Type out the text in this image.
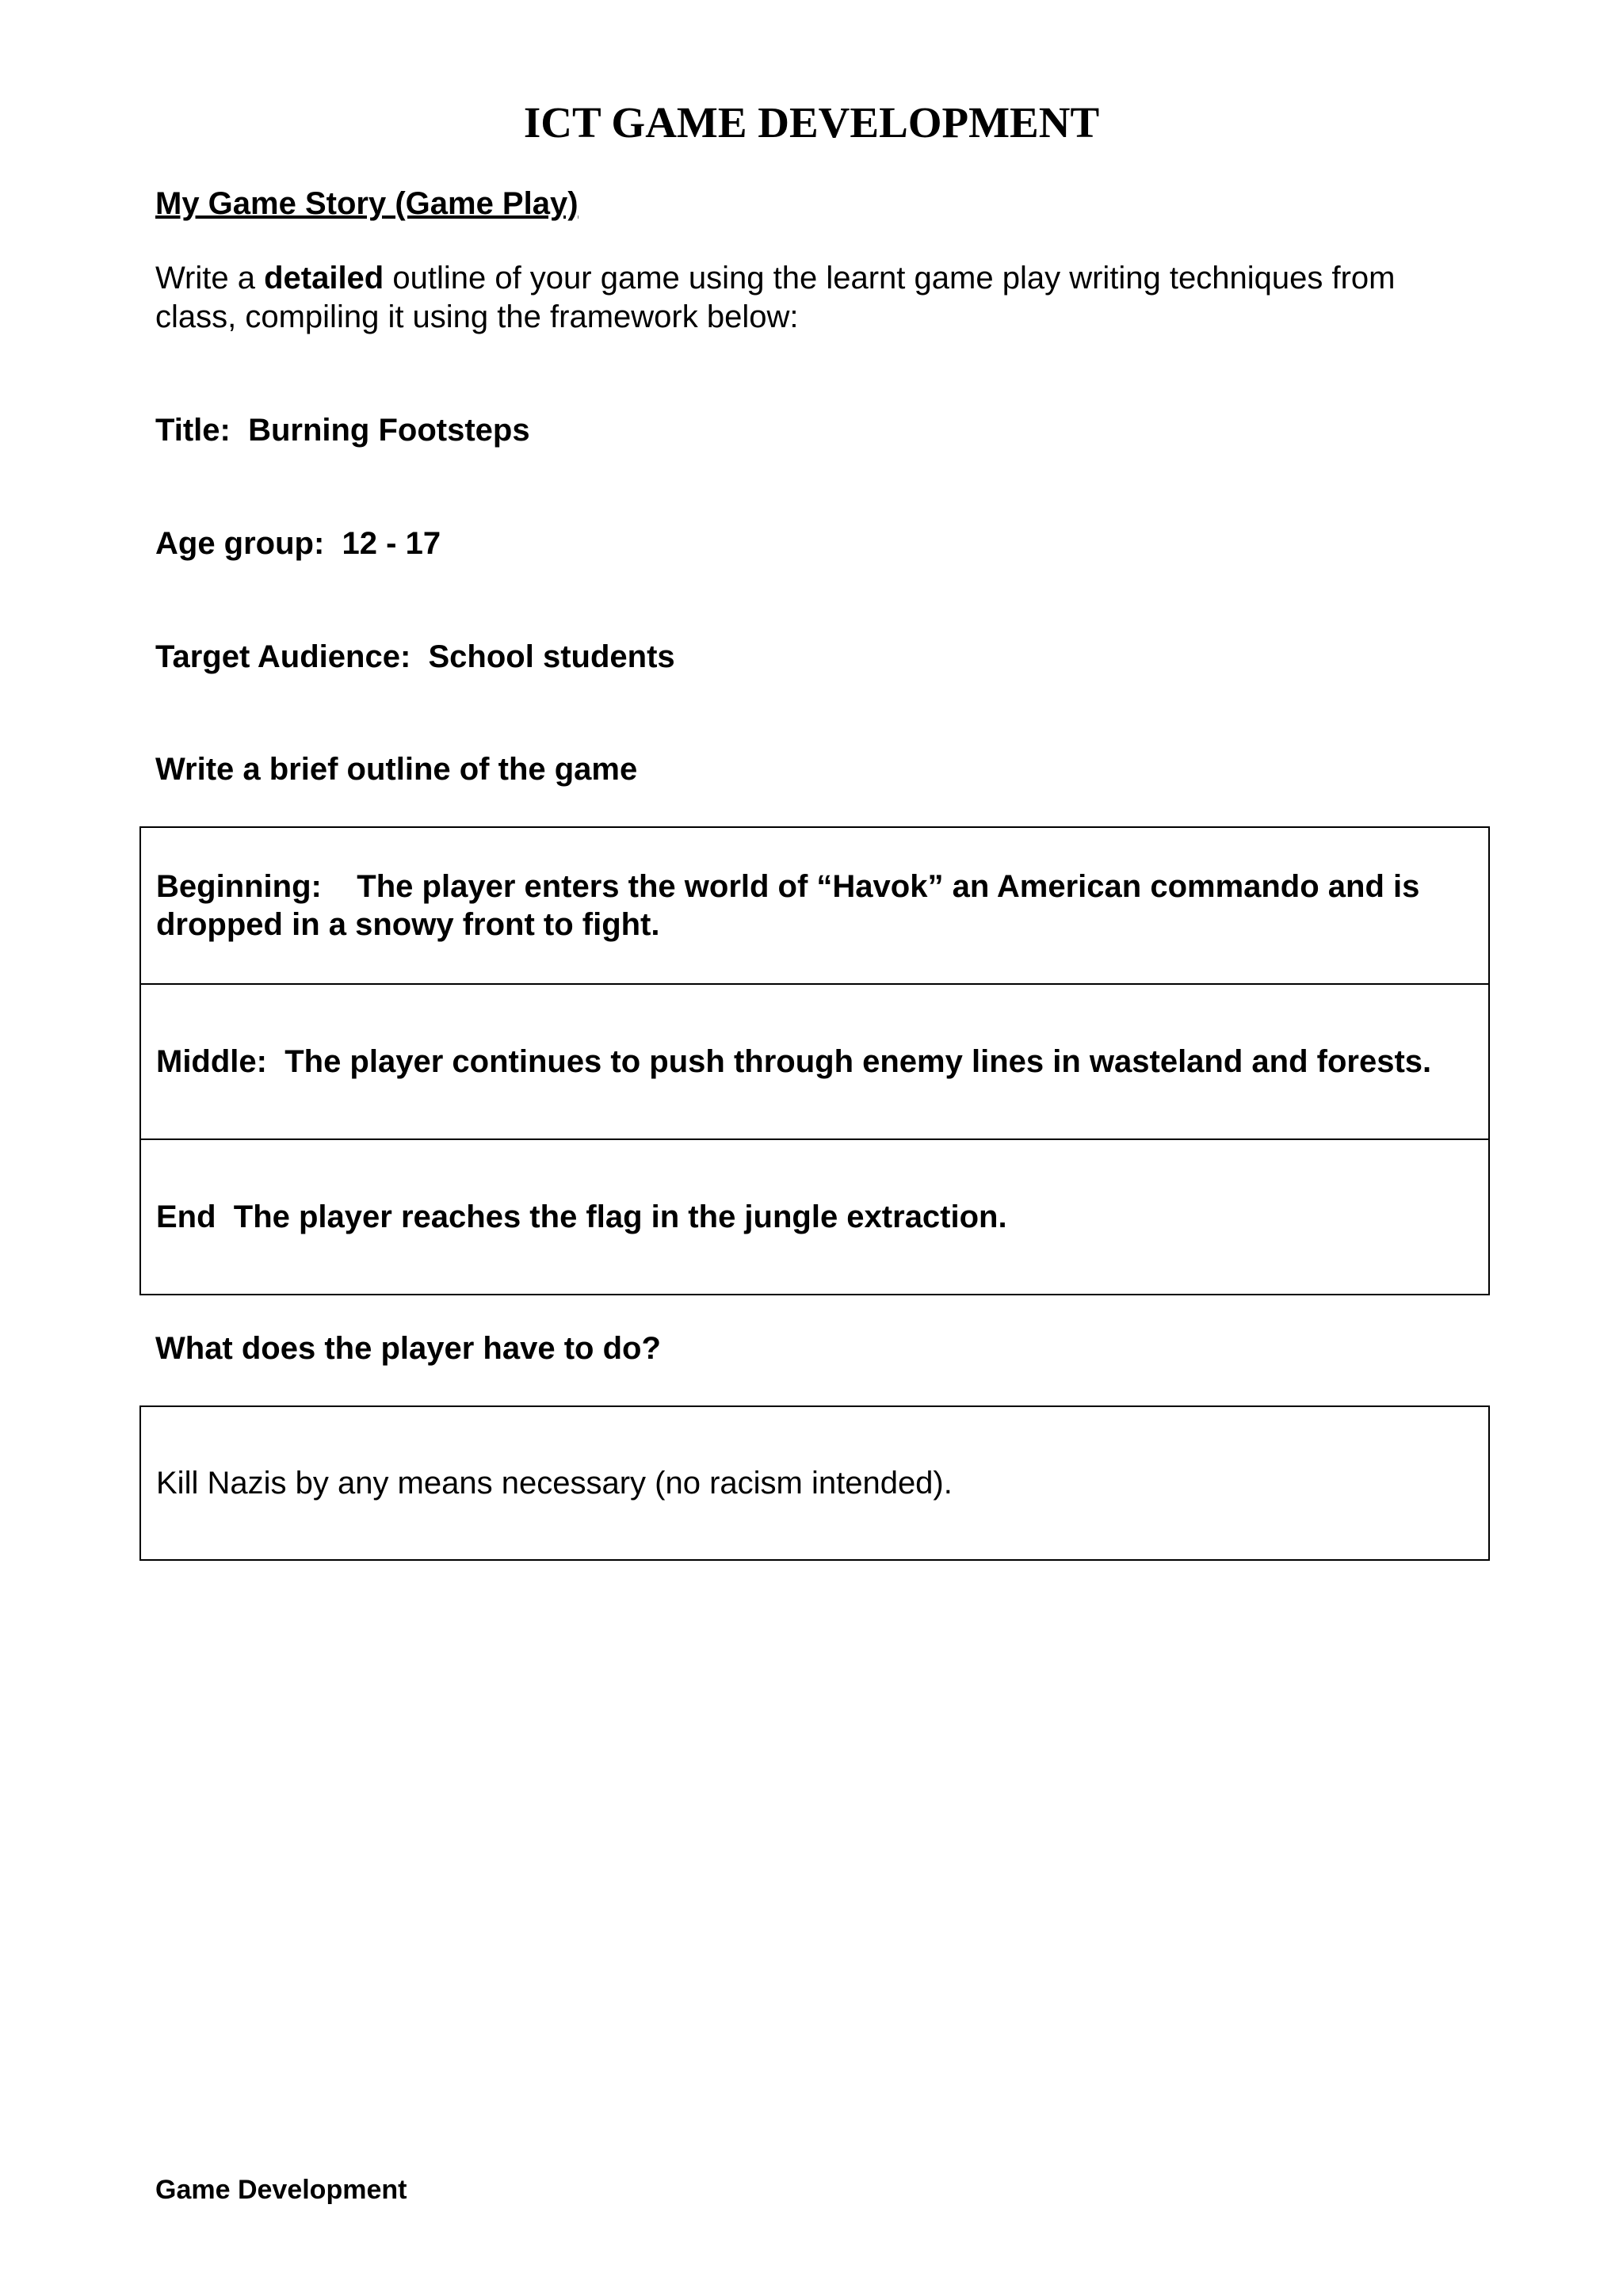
ICT GAME DEVELOPMENT

My Game Story (Game Play)

Write a detailed outline of your game using the learnt game play writing techniques from class, compiling it using the framework below:

Title: Burning Footsteps

Age group: 12 - 17

Target Audience: School students

Write a brief outline of the game

Beginning:    The player enters the world of “Havok” an American commando and is dropped in a snowy front to fight.
Middle:  The player continues to push through enemy lines in wasteland and forests.
End  The player reaches the flag in the jungle extraction.

What does the player have to do?

Kill Nazis by any means necessary (no racism intended).

Game Development
